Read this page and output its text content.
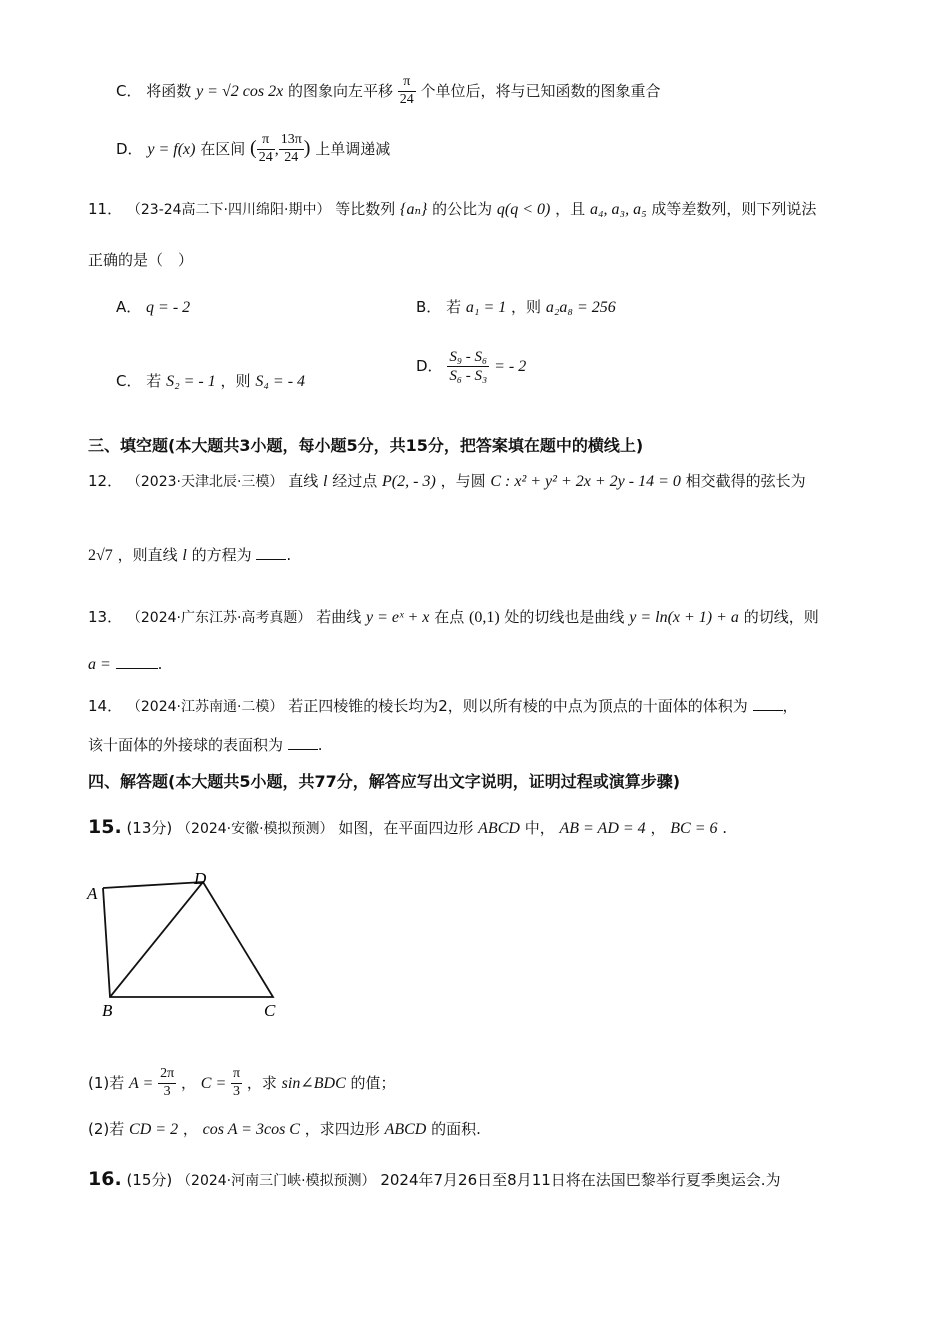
C． 将函数 y = √2 cos 2x 的图象向左平移 $\frac{\pi}{24}$ 个单位后，将与已知函数的图象重合
D． y = f(x) 在区间 ( $\frac{\pi}{24}$ , $\frac{13\pi}{24}$ ) 上单调递减
11． （23-24高二下·四川绵阳·期中） 等比数列 {aₙ} 的公比为 q(q < 0) ，且 a₄, a₃, a₅ 成等差数列，则下列说法
正确的是（　）
A． q = - 2	B． 若 a₁ = 1 ，则 a₂a₈ = 256
C． 若 S₂ = - 1 ，则 S₄ = - 4
D． $\frac{\text{S₉ - S₆}}{\text{S₆ - S₃}}$ = - 2
三、填空题(本大题共3小题，每小题5分，共15分，把答案填在题中的横线上)
12． （2023·天津北辰·三模） 直线 l 经过点 P(2, - 3) ，与圆 C : x² + y² + 2x + 2y - 14 = 0 相交截得的弦长为
2√7 ，则直线 l 的方程为 .
13． （2024·广东江苏·高考真题） 若曲线 y = eˣ + x 在点 (0,1) 处的切线也是曲线 y = ln(x + 1) + a 的切线，则
a =	.
14． （2024·江苏南通·二模） 若正四棱锥的棱长均为2，则以所有棱的中点为顶点的十面体的体积为 ，
该十面体的外接球的表面积为 .
四、解答题(本大题共5小题，共77分，解答应写出文字说明，证明过程或演算步骤)
15. (13分) （2024·安徽·模拟预测） 如图，在平面四边形 ABCD 中， AB = AD = 4 ， BC = 6 .
A
D
B	C
(1)若 $A = \frac{2\pi}{3}$ ， $C = \frac{\pi}{3}$ ，求 sin∠BDC 的值；
(2)若 CD = 2 ， cos A = 3cos C ，求四边形 ABCD 的面积.
16. (15分) （2024·河南三门峡·模拟预测） 2024年7月26日至8月11日将在法国巴黎举行夏季奥运会.为
